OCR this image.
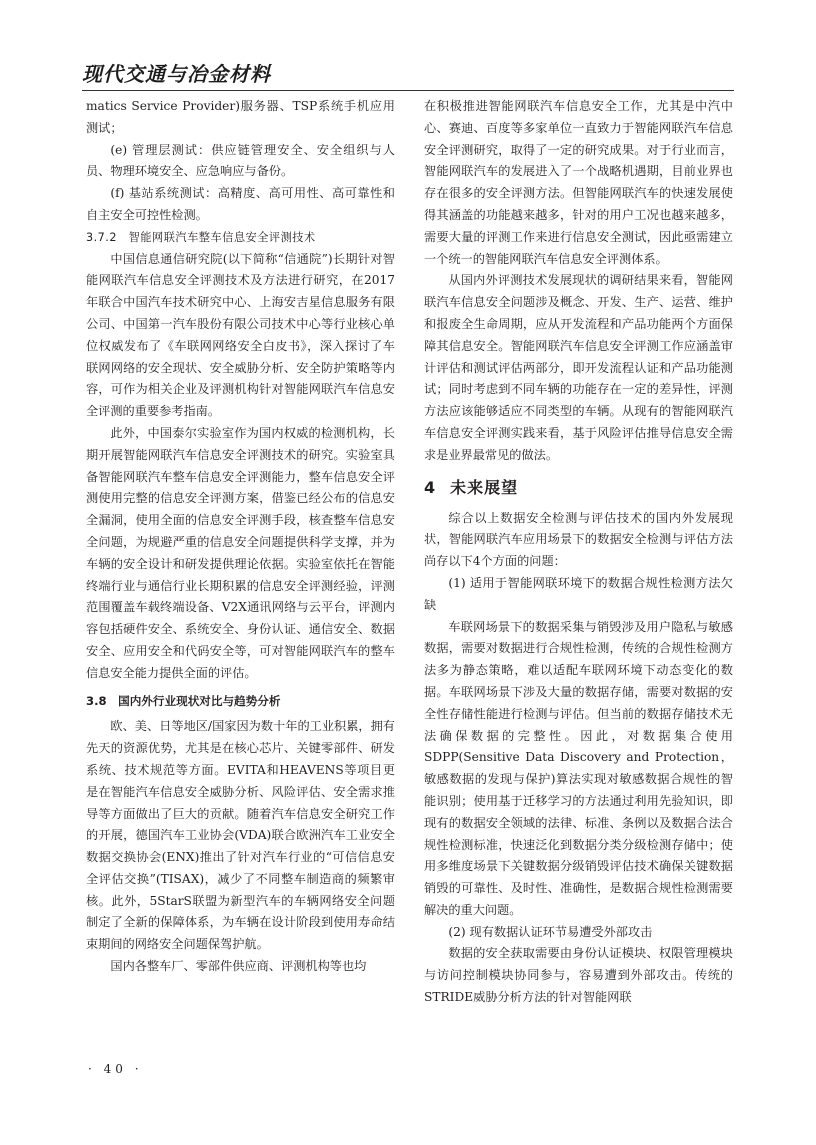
现代交通与冶金材料

matics Service Provider)服务器、TSP系统手机应用测试；

(e) 管理层测试：供应链管理安全、安全组织与人员、物理环境安全、应急响应与备份。

(f) 基站系统测试：高精度、高可用性、高可靠性和自主安全可控性检测。

3.7.2　智能网联汽车整车信息安全评测技术

中国信息通信研究院(以下简称“信通院”)长期针对智能网联汽车信息安全评测技术及方法进行研究，在2017年联合中国汽车技术研究中心、上海安吉星信息服务有限公司、中国第一汽车股份有限公司技术中心等行业核心单位权威发布了《车联网网络安全白皮书》，深入探讨了车联网网络的安全现状、安全威胁分析、安全防护策略等内容，可作为相关企业及评测机构针对智能网联汽车信息安全评测的重要参考指南。

此外，中国泰尔实验室作为国内权威的检测机构，长期开展智能网联汽车信息安全评测技术的研究。实验室具备智能网联汽车整车信息安全评测能力，整车信息安全评测使用完整的信息安全评测方案，借鉴已经公布的信息安全漏洞，使用全面的信息安全评测手段，核查整车信息安全问题，为规避严重的信息安全问题提供科学支撑，并为车辆的安全设计和研发提供理论依据。实验室依托在智能终端行业与通信行业长期积累的信息安全评测经验，评测范围覆盖车载终端设备、V2X通讯网络与云平台，评测内容包括硬件安全、系统安全、身份认证、通信安全、数据安全、应用安全和代码安全等，可对智能网联汽车的整车信息安全能力提供全面的评估。

3.8　国内外行业现状对比与趋势分析

欧、美、日等地区/国家因为数十年的工业积累，拥有先天的资源优势，尤其是在核心芯片、关键零部件、研发系统、技术规范等方面。EVITA和HEAVENS等项目更是在智能汽车信息安全威胁分析、风险评估、安全需求推导等方面做出了巨大的贡献。随着汽车信息安全研究工作的开展，德国汽车工业协会(VDA)联合欧洲汽车工业安全数据交换协会(ENX)推出了针对汽车行业的“可信信息安全评估交换”(TISAX)，减少了不同整车制造商的频繁审核。此外，5StarS联盟为新型汽车的车辆网络安全问题制定了全新的保障体系，为车辆在设计阶段到使用寿命结束期间的网络安全问题保驾护航。

国内各整车厂、零部件供应商、评测机构等也均

在积极推进智能网联汽车信息安全工作，尤其是中汽中心、赛迪、百度等多家单位一直致力于智能网联汽车信息安全评测研究，取得了一定的研究成果。对于行业而言，智能网联汽车的发展进入了一个战略机遇期，目前业界也存在很多的安全评测方法。但智能网联汽车的快速发展使得其涵盖的功能越来越多，针对的用户工况也越来越多，需要大量的评测工作来进行信息安全测试，因此亟需建立一个统一的智能网联汽车信息安全评测体系。

从国内外评测技术发展现状的调研结果来看，智能网联汽车信息安全问题涉及概念、开发、生产、运营、维护和报废全生命周期，应从开发流程和产品功能两个方面保障其信息安全。智能网联汽车信息安全评测工作应涵盖审计评估和测试评估两部分，即开发流程认证和产品功能测试；同时考虑到不同车辆的功能存在一定的差异性，评测方法应该能够适应不同类型的车辆。从现有的智能网联汽车信息安全评测实践来看，基于风险评估推导信息安全需求是业界最常见的做法。

4 未来展望

综合以上数据安全检测与评估技术的国内外发展现状，智能网联汽车应用场景下的数据安全检测与评估方法尚存以下4个方面的问题：

(1) 适用于智能网联环境下的数据合规性检测方法欠缺

车联网场景下的数据采集与销毁涉及用户隐私与敏感数据，需要对数据进行合规性检测，传统的合规性检测方法多为静态策略，难以适配车联网环境下动态变化的数据。车联网场景下涉及大量的数据存储，需要对数据的安全性存储性能进行检测与评估。但当前的数据存储技术无法确保数据的完整性。因此，对数据集合使用SDPP(Sensitive Data Discovery and Protection，敏感数据的发现与保护)算法实现对敏感数据合规性的智能识别；使用基于迁移学习的方法通过利用先验知识，即现有的数据安全领域的法律、标准、条例以及数据合法合规性检测标准，快速泛化到数据分类分级检测存储中；使用多维度场景下关键数据分级销毁评估技术确保关键数据销毁的可靠性、及时性、准确性，是数据合规性检测需要解决的重大问题。

(2) 现有数据认证环节易遭受外部攻击

数据的安全获取需要由身份认证模块、权限管理模块与访问控制模块协同参与，容易遭到外部攻击。传统的STRIDE威胁分析方法的针对智能网联

· 40 ·
